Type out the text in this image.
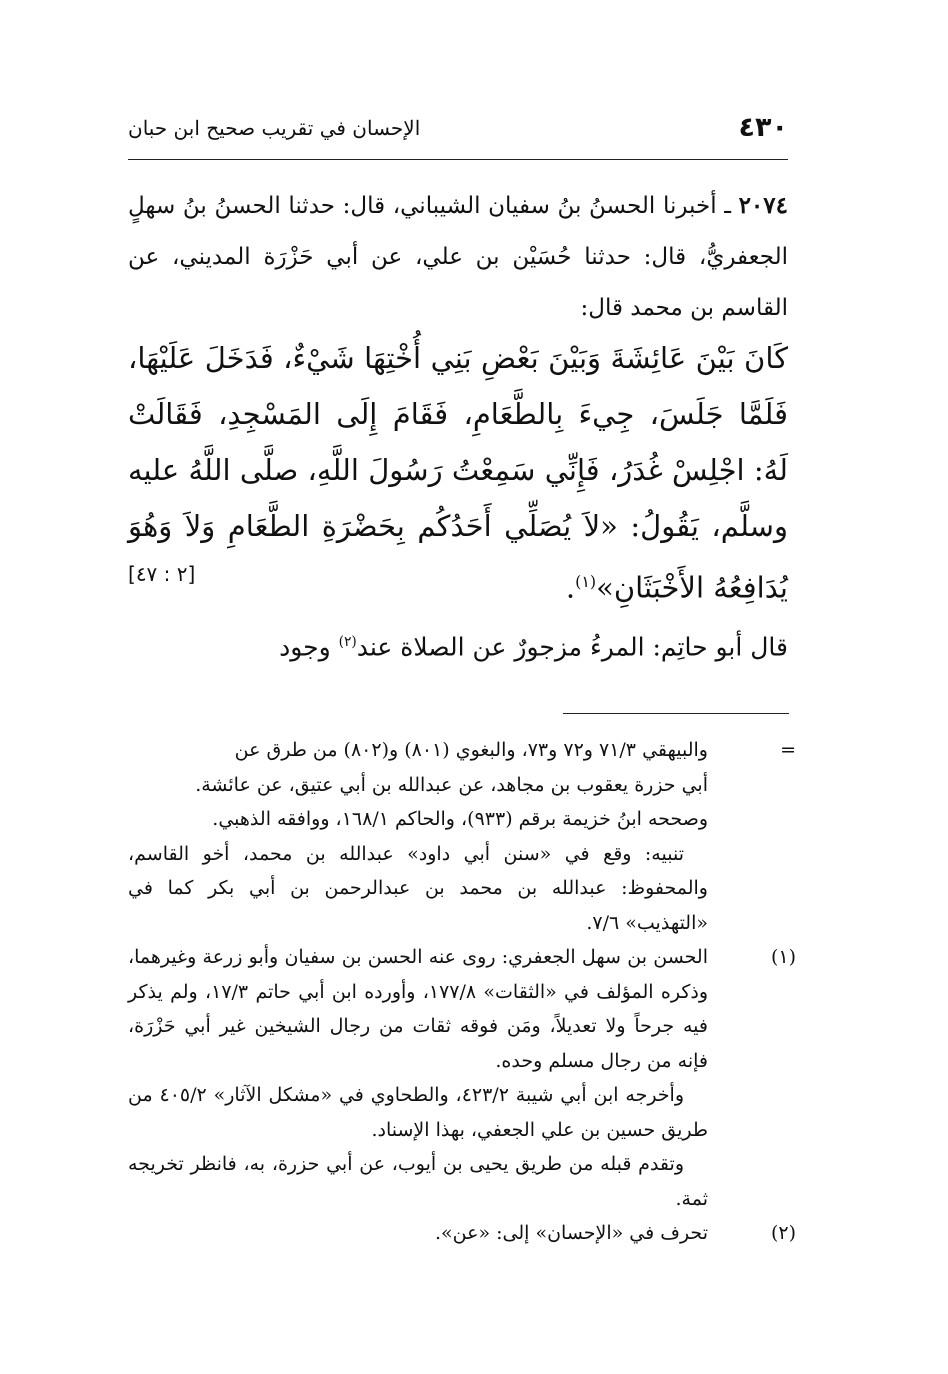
٤٣٠
الإحسان في تقريب صحيح ابن حبان
٢٠٧٤ ـ أخبرنا الحسنُ بنُ سفيان الشيباني، قال: حدثنا الحسنُ بنُ سهلٍ الجعفريُّ، قال: حدثنا حُسَيْن بن علي، عن أبي حَزْرَة المديني، عن القاسم بن محمد قال:
كَانَ بَيْنَ عَائِشَةَ وَبَيْنَ بَعْضِ بَنِي أُخْتِهَا شَيْءٌ، فَدَخَلَ عَلَيْهَا، فَلَمَّا جَلَسَ، جِيءَ بِالطَّعَامِ، فَقَامَ إِلَى المَسْجِدِ، فَقَالَتْ لَهُ: اجْلِسْ غُدَرُ، فَإِنِّي سَمِعْتُ رَسُولَ اللَّهِ، صلَّى اللَّهُ عليه وسلَّم، يَقُولُ: «لاَ يُصَلِّي أَحَدُكُم بِحَضْرَةِ الطَّعَامِ وَلاَ وَهُوَ يُدَافِعُهُ الأَخْبَثَانِ»$^{(١)}$.
[٢ : ٤٧]
قال أبو حاتِم: المرءُ مزجورٌ عن الصلاة عند$^{(٢)}$ وجود
=
والبيهقي ٧١/٣ و٧٢ و٧٣، والبغوي (٨٠١) و(٨٠٢) من طرق عن
أبي حزرة يعقوب بن مجاهد، عن عبدالله بن أبي عتيق، عن عائشة.
وصححه ابنُ خزيمة برقم (٩٣٣)، والحاكم ١٦٨/١، ووافقه الذهبي.
تنبيه: وقع في «سنن أبي داود» عبدالله بن محمد، أخو القاسم، والمحفوظ: عبدالله بن محمد بن عبدالرحمن بن أبي بكر كما في «التهذيب» ٧/٦.
(١)
الحسن بن سهل الجعفري: روى عنه الحسن بن سفيان وأبو زرعة وغيرهما، وذكره المؤلف في «الثقات» ١٧٧/٨، وأورده ابن أبي حاتم ١٧/٣، ولم يذكر فيه جرحاً ولا تعديلاً، ومَن فوقه ثقات من رجال الشيخين غير أبي حَزْرَة، فإنه من رجال مسلم وحده.
وأخرجه ابن أبي شيبة ٤٢٣/٢، والطحاوي في «مشكل الآثار» ٤٠٥/٢ من طريق حسين بن علي الجعفي، بهذا الإسناد.
وتقدم قبله من طريق يحيى بن أيوب، عن أبي حزرة، به، فانظر تخريجه ثمة.
(٢)
تحرف في «الإحسان» إلى: «عن».
